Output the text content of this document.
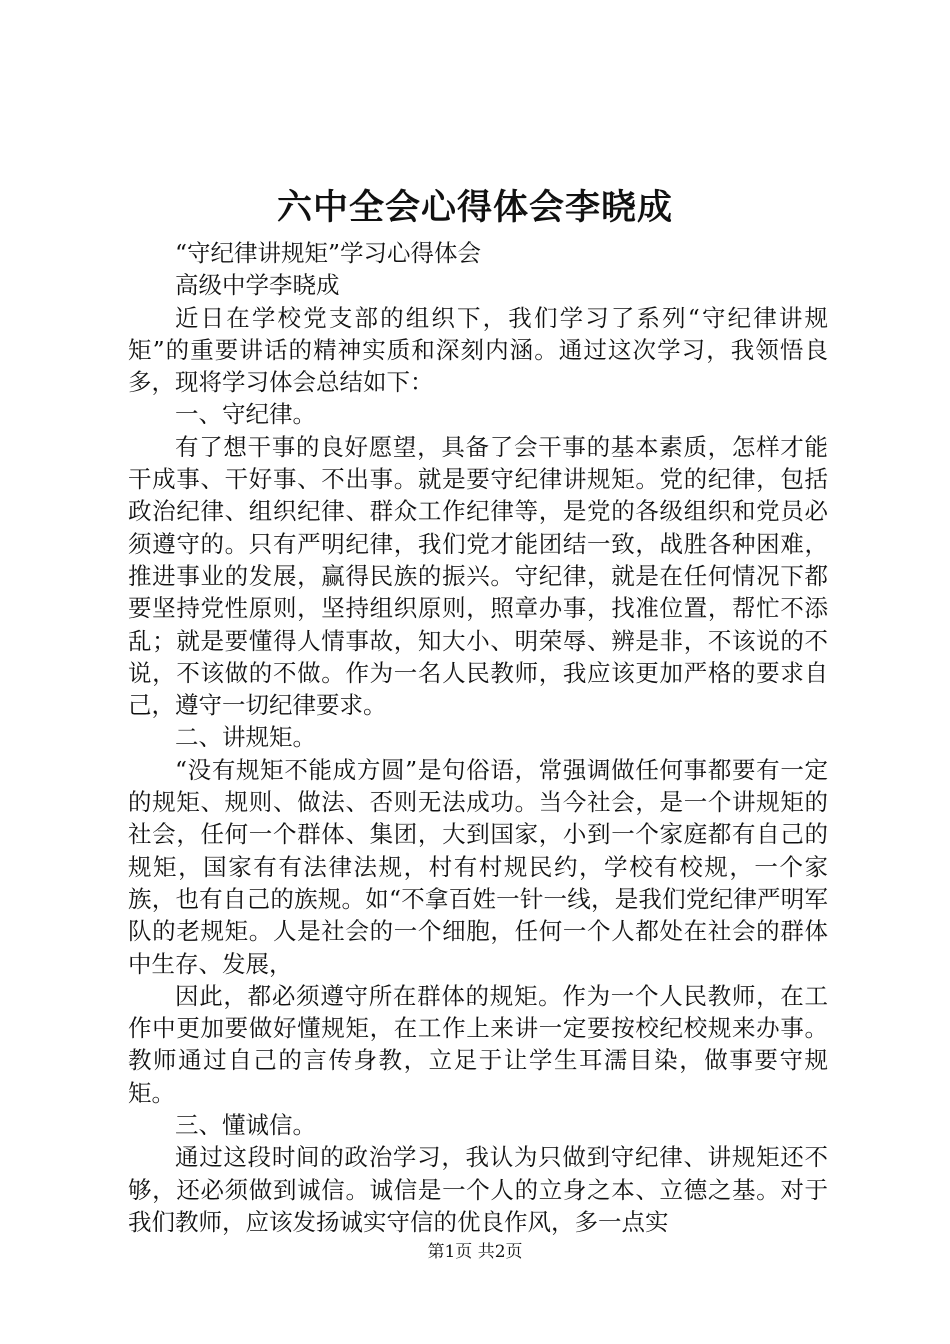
六中全会心得体会李晓成

“守纪律讲规矩”学习心得体会

高级中学李晓成

近日在学校党支部的组织下，我们学习了系列“守纪律讲规矩”的重要讲话的精神实质和深刻内涵。通过这次学习，我领悟良多，现将学习体会总结如下：

一、守纪律。

有了想干事的良好愿望，具备了会干事的基本素质，怎样才能干成事、干好事、不出事。就是要守纪律讲规矩。党的纪律，包括政治纪律、组织纪律、群众工作纪律等，是党的各级组织和党员必须遵守的。只有严明纪律，我们党才能团结一致，战胜各种困难，推进事业的发展，赢得民族的振兴。守纪律，就是在任何情况下都要坚持党性原则，坚持组织原则，照章办事，找准位置，帮忙不添乱；就是要懂得人情事故，知大小、明荣辱、辨是非，不该说的不说，不该做的不做。作为一名人民教师，我应该更加严格的要求自己，遵守一切纪律要求。

二、讲规矩。

“没有规矩不能成方圆”是句俗语，常强调做任何事都要有一定的规矩、规则、做法、否则无法成功。当今社会，是一个讲规矩的社会，任何一个群体、集团，大到国家，小到一个家庭都有自己的规矩，国家有有法律法规，村有村规民约，学校有校规，一个家族，也有自己的族规。如“不拿百姓一针一线，是我们党纪律严明军队的老规矩。人是社会的一个细胞，任何一个人都处在社会的群体中生存、发展，

因此，都必须遵守所在群体的规矩。作为一个人民教师，在工作中更加要做好懂规矩，在工作上来讲一定要按校纪校规来办事。教师通过自己的言传身教，立足于让学生耳濡目染，做事要守规矩。

三、懂诚信。

通过这段时间的政治学习，我认为只做到守纪律、讲规矩还不够，还必须做到诚信。诚信是一个人的立身之本、立德之基。对于我们教师，应该发扬诚实守信的优良作风，多一点实

第1页 共2页
